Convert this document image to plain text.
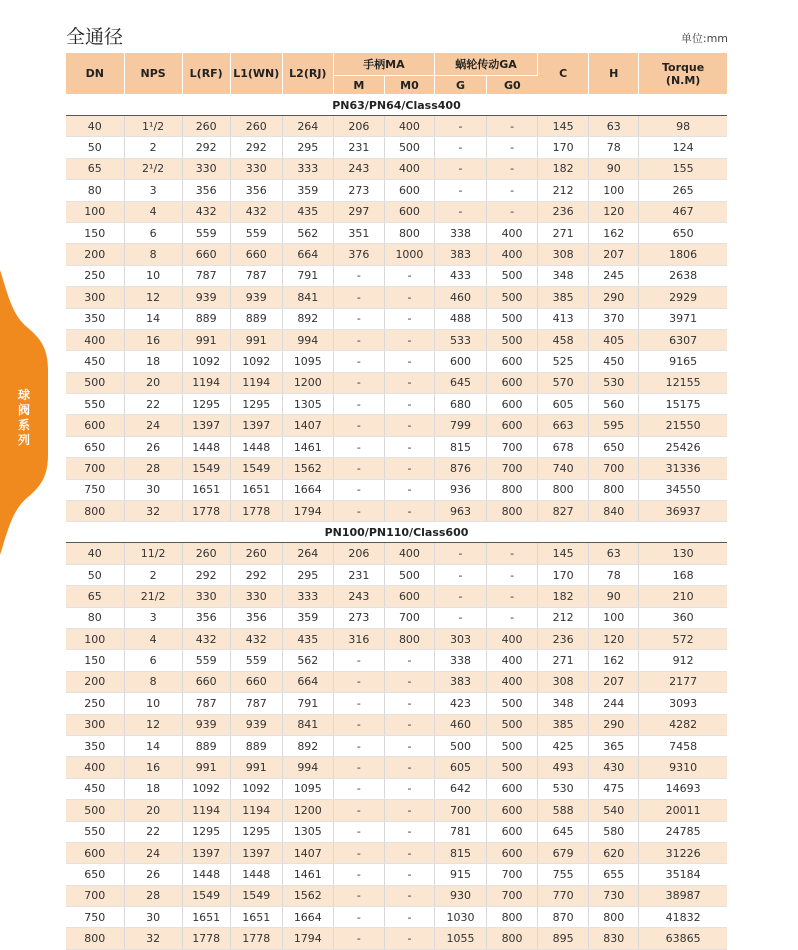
全通径	单位:mm
球阀系列
DN	NPS	L(RF)	L1(WN)	L2(RJ)	手柄MA		蜗轮传动GA		C	H	Torque
(N.M)
					M	M0	G	G0			
PN63/PN64/Class400											
40	1¹/2	260	260	264	206	400	-	-	145	63	98
50	2	292	292	295	231	500	-	-	170	78	124
65	2¹/2	330	330	333	243	400	-	-	182	90	155
80	3	356	356	359	273	600	-	-	212	100	265
100	4	432	432	435	297	600	-	-	236	120	467
150	6	559	559	562	351	800	338	400	271	162	650
200	8	660	660	664	376	1000	383	400	308	207	1806
250	10	787	787	791	-	-	433	500	348	245	2638
300	12	939	939	841	-	-	460	500	385	290	2929
350	14	889	889	892	-	-	488	500	413	370	3971
400	16	991	991	994	-	-	533	500	458	405	6307
450	18	1092	1092	1095	-	-	600	600	525	450	9165
500	20	1194	1194	1200	-	-	645	600	570	530	12155
550	22	1295	1295	1305	-	-	680	600	605	560	15175
600	24	1397	1397	1407	-	-	799	600	663	595	21550
650	26	1448	1448	1461	-	-	815	700	678	650	25426
700	28	1549	1549	1562	-	-	876	700	740	700	31336
750	30	1651	1651	1664	-	-	936	800	800	800	34550
800	32	1778	1778	1794	-	-	963	800	827	840	36937
PN100/PN110/Class600											
40	11/2	260	260	264	206	400	-	-	145	63	130
50	2	292	292	295	231	500	-	-	170	78	168
65	21/2	330	330	333	243	600	-	-	182	90	210
80	3	356	356	359	273	700	-	-	212	100	360
100	4	432	432	435	316	800	303	400	236	120	572
150	6	559	559	562	-	-	338	400	271	162	912
200	8	660	660	664	-	-	383	400	308	207	2177
250	10	787	787	791	-	-	423	500	348	244	3093
300	12	939	939	841	-	-	460	500	385	290	4282
350	14	889	889	892	-	-	500	500	425	365	7458
400	16	991	991	994	-	-	605	500	493	430	9310
450	18	1092	1092	1095	-	-	642	600	530	475	14693
500	20	1194	1194	1200	-	-	700	600	588	540	20011
550	22	1295	1295	1305	-	-	781	600	645	580	24785
600	24	1397	1397	1407	-	-	815	600	679	620	31226
650	26	1448	1448	1461	-	-	915	700	755	655	35184
700	28	1549	1549	1562	-	-	930	700	770	730	38987
750	30	1651	1651	1664	-	-	1030	800	870	800	41832
800	32	1778	1778	1794	-	-	1055	800	895	830	63865
